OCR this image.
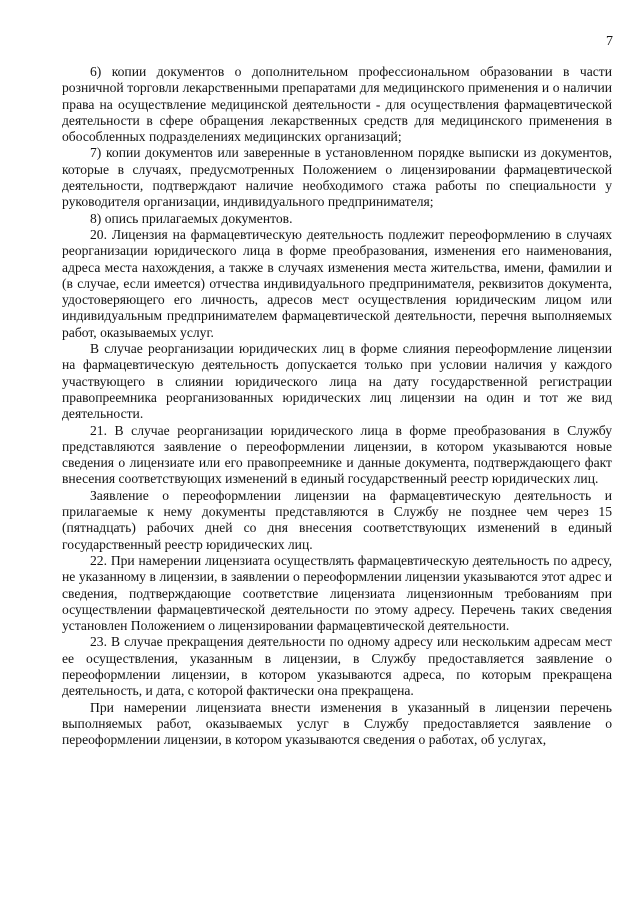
7

6) копии документов о дополнительном профессиональном образовании в части розничной торговли лекарственными препаратами для медицинского применения и о наличии права на осуществление медицинской деятельности - для осуществления фармацевтической деятельности в сфере обращения лекарственных средств для медицинского применения в обособленных подразделениях медицинских организаций;

7) копии документов или заверенные в установленном порядке выписки из документов, которые в случаях, предусмотренных Положением о лицензировании фармацевтической деятельности, подтверждают наличие необходимого стажа работы по специальности у руководителя организации, индивидуального предпринимателя;

8) опись прилагаемых документов.

20. Лицензия на фармацевтическую деятельность подлежит переоформлению в случаях реорганизации юридического лица в форме преобразования, изменения его наименования, адреса места нахождения, а также в случаях изменения места жительства, имени, фамилии и (в случае, если имеется) отчества индивидуального предпринимателя, реквизитов документа, удостоверяющего его личность, адресов мест осуществления юридическим лицом или индивидуальным предпринимателем фармацевтической деятельности, перечня выполняемых работ, оказываемых услуг.

В случае реорганизации юридических лиц в форме слияния переоформление лицензии на фармацевтическую деятельность допускается только при условии наличия у каждого участвующего в слиянии юридического лица на дату государственной регистрации правопреемника реорганизованных юридических лиц лицензии на один и тот же вид деятельности.

21. В случае реорганизации юридического лица в форме преобразования в Службу представляются заявление о переоформлении лицензии, в котором указываются новые сведения о лицензиате или его правопреемнике и данные документа, подтверждающего факт внесения соответствующих изменений в единый государственный реестр юридических лиц.

Заявление о переоформлении лицензии на фармацевтическую деятельность и прилагаемые к нему документы представляются в Службу не позднее чем через 15 (пятнадцать) рабочих дней со дня внесения соответствующих изменений в единый государственный реестр юридических лиц.

22. При намерении лицензиата осуществлять фармацевтическую деятельность по адресу, не указанному в лицензии, в заявлении о переоформлении лицензии указываются этот адрес и сведения, подтверждающие соответствие лицензиата лицензионным требованиям при осуществлении фармацевтической деятельности по этому адресу. Перечень таких сведения установлен Положением о лицензировании фармацевтической деятельности.

23. В случае прекращения деятельности по одному адресу или нескольким адресам мест ее осуществления, указанным в лицензии, в Службу предоставляется заявление о переоформлении лицензии, в котором указываются адреса, по которым прекращена деятельность, и дата, с которой фактически она прекращена.

При намерении лицензиата внести изменения в указанный в лицензии перечень выполняемых работ, оказываемых услуг в Службу предоставляется заявление о переоформлении лицензии, в котором указываются сведения о работах, об услугах,
